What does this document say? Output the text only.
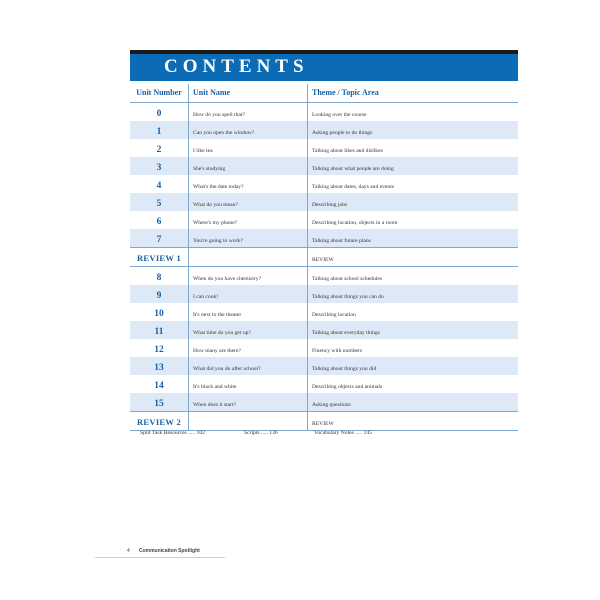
CONTENTS
Unit Number	Unit Name	Theme / Topic Area
0	How do you spell that?	Looking over the course
1	Can you open the window?	Asking people to do things
2	I like tea	Talking about likes and dislikes
3	She's studying	Talking about what people are doing
4	What's the date today?	Talking about dates, days and events
5	What do you mean?	Describing jobs
6	Where's my phone?	Describing location, objects in a room
7	You're going to work?	Talking about future plans
REVIEW 1		REVIEW
8	When do you have chemistry?	Talking about school schedules
9	I can cook!	Talking about things you can do
10	It's next to the theater	Describing location
11	What time do you get up?	Talking about everyday things
12	How many are there?	Fluency with numbers
13	What did you do after school?	Talking about things you did
14	It's black and white	Describing objects and animals
15	When does it start?	Asking questions
REVIEW 2		REVIEW
Split Task Resources ..... 102	Scripts ..... 136	Vocabulary Notes ..... 145
4 Communication Spotlight
